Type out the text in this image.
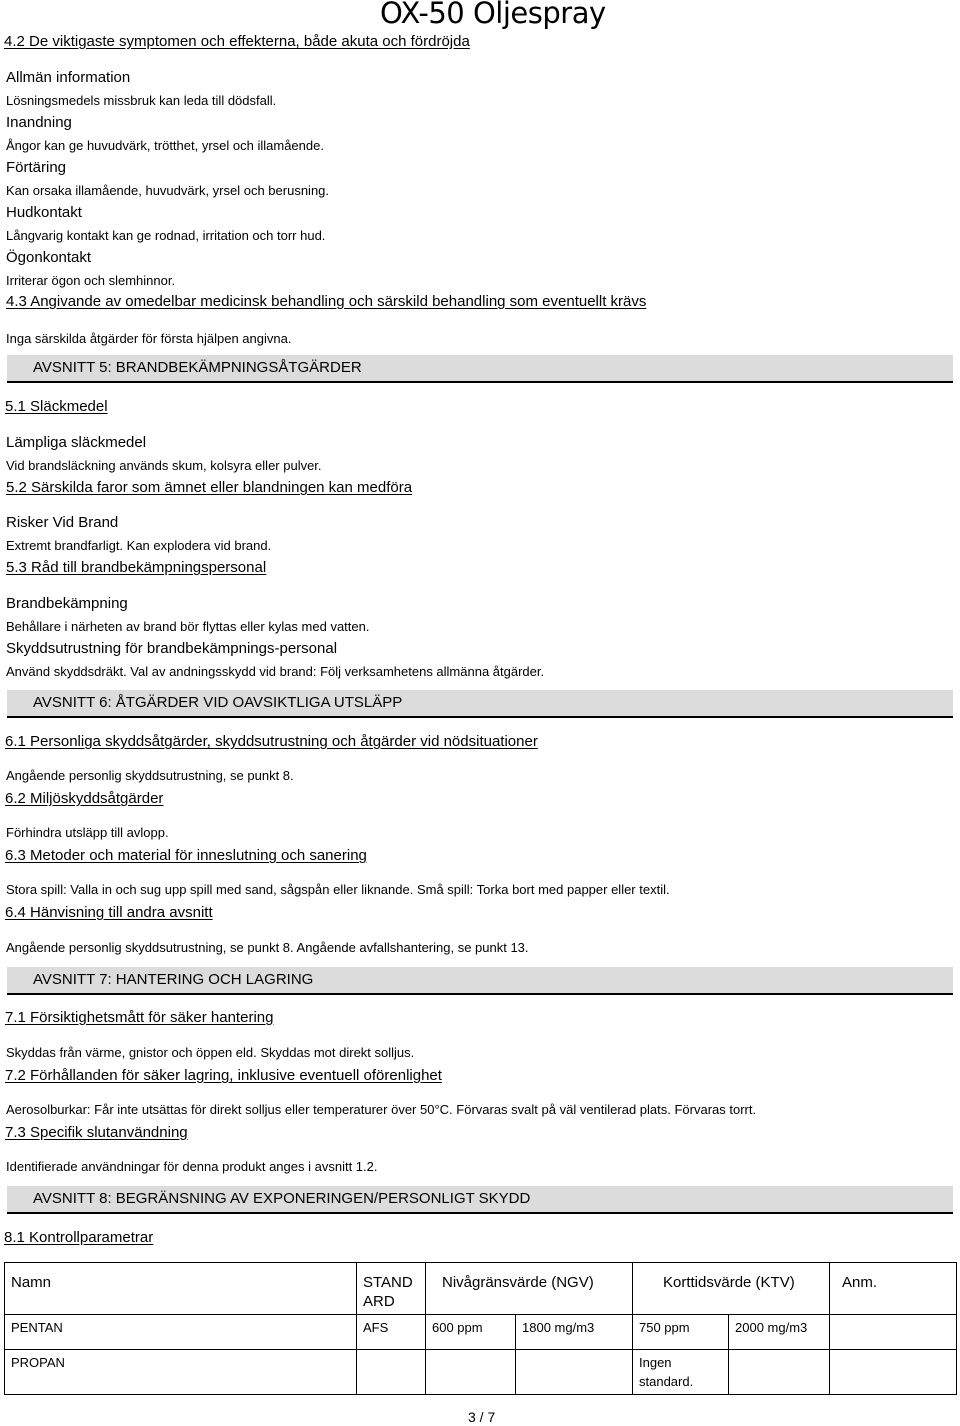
OX-50 Oljespray
4.2 De viktigaste symptomen och effekterna, både akuta och fördröjda
Allmän information
Lösningsmedels missbruk kan leda till dödsfall.
Inandning
Ångor kan ge huvudvärk, trötthet, yrsel och illamående.
Förtäring
Kan orsaka illamående, huvudvärk, yrsel och berusning.
Hudkontakt
Långvarig kontakt kan ge rodnad, irritation och torr hud.
Ögonkontakt
Irriterar ögon och slemhinnor.
4.3 Angivande av omedelbar medicinsk behandling och särskild behandling som eventuellt krävs
Inga särskilda åtgärder för första hjälpen angivna.
AVSNITT 5: BRANDBEKÄMPNINGSÅTGÄRDER
5.1 Släckmedel
Lämpliga släckmedel
Vid brandsläckning används skum, kolsyra eller pulver.
5.2 Särskilda faror som ämnet eller blandningen kan medföra
Risker Vid Brand
Extremt brandfarligt. Kan explodera vid brand.
5.3 Råd till brandbekämpningspersonal
Brandbekämpning
Behållare i närheten av brand bör flyttas eller kylas med vatten.
Skyddsutrustning för brandbekämpnings-personal
Använd skyddsdräkt. Val av andningsskydd vid brand: Följ verksamhetens allmänna åtgärder.
AVSNITT 6: ÅTGÄRDER VID OAVSIKTLIGA UTSLÄPP
6.1 Personliga skyddsåtgärder, skyddsutrustning och åtgärder vid nödsituationer
Angående personlig skyddsutrustning, se punkt 8.
6.2 Miljöskyddsåtgärder
Förhindra utsläpp till avlopp.
6.3 Metoder och material för inneslutning och sanering
Stora spill: Valla in och sug upp spill med sand, sågspån eller liknande. Små spill: Torka bort med papper eller textil.
6.4 Hänvisning till andra avsnitt
Angående personlig skyddsutrustning, se punkt 8. Angående avfallshantering, se punkt 13.
AVSNITT 7: HANTERING OCH LAGRING
7.1 Försiktighetsmått för säker hantering
Skyddas från värme, gnistor och öppen eld. Skyddas mot direkt solljus.
7.2 Förhållanden för säker lagring, inklusive eventuell oförenlighet
Aerosolburkar: Får inte utsättas för direkt solljus eller temperaturer över 50°C. Förvaras svalt på väl ventilerad plats. Förvaras torrt.
7.3 Specifik slutanvändning
Identifierade användningar för denna produkt anges i avsnitt 1.2.
AVSNITT 8: BEGRÄNSNING AV EXPONERINGEN/PERSONLIGT SKYDD
8.1 Kontrollparametrar
Namn	STAND ARD	Nivågränsvärde (NGV)		Korttidsvärde (KTV)		Anm.
PENTAN	AFS	600 ppm	1800 mg/m3	750 ppm	2000 mg/m3	
PROPAN				Ingen standard.		
3 / 7
